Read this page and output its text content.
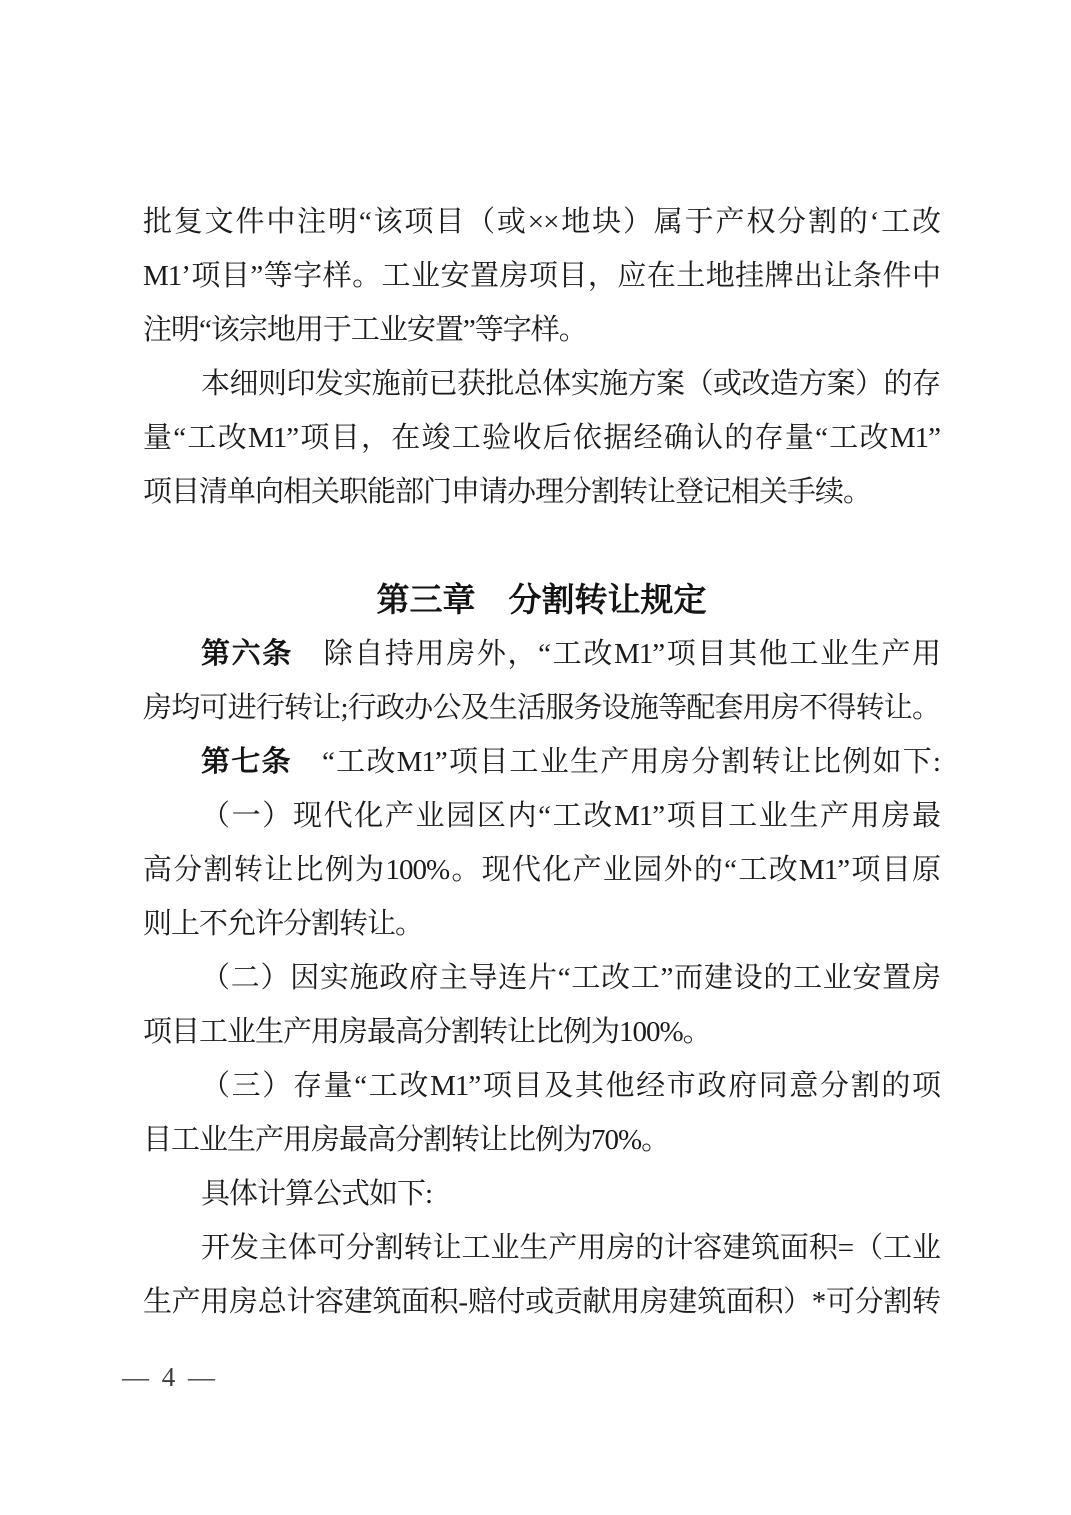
批复文件中注明“该项目（或××地块）属于产权分割的‘工改
M1’项目”等字样。工业安置房项目，应在土地挂牌出让条件中
注明“该宗地用于工业安置”等字样。
本细则印发实施前已获批总体实施方案（或改造方案）的存
量“工改M1”项目，在竣工验收后依据经确认的存量“工改M1”
项目清单向相关职能部门申请办理分割转让登记相关手续。
第三章　分割转让规定
第六条　除自持用房外，“工改M1”项目其他工业生产用
房均可进行转让;行政办公及生活服务设施等配套用房不得转让。
第七条　“工改M1”项目工业生产用房分割转让比例如下:
（一）现代化产业园区内“工改M1”项目工业生产用房最
高分割转让比例为100%。现代化产业园外的“工改M1”项目原
则上不允许分割转让。
（二）因实施政府主导连片“工改工”而建设的工业安置房
项目工业生产用房最高分割转让比例为100%。
（三）存量“工改M1”项目及其他经市政府同意分割的项
目工业生产用房最高分割转让比例为70%。
具体计算公式如下:
开发主体可分割转让工业生产用房的计容建筑面积=（工业
生产用房总计容建筑面积-赔付或贡献用房建筑面积）*可分割转
— 4 —
